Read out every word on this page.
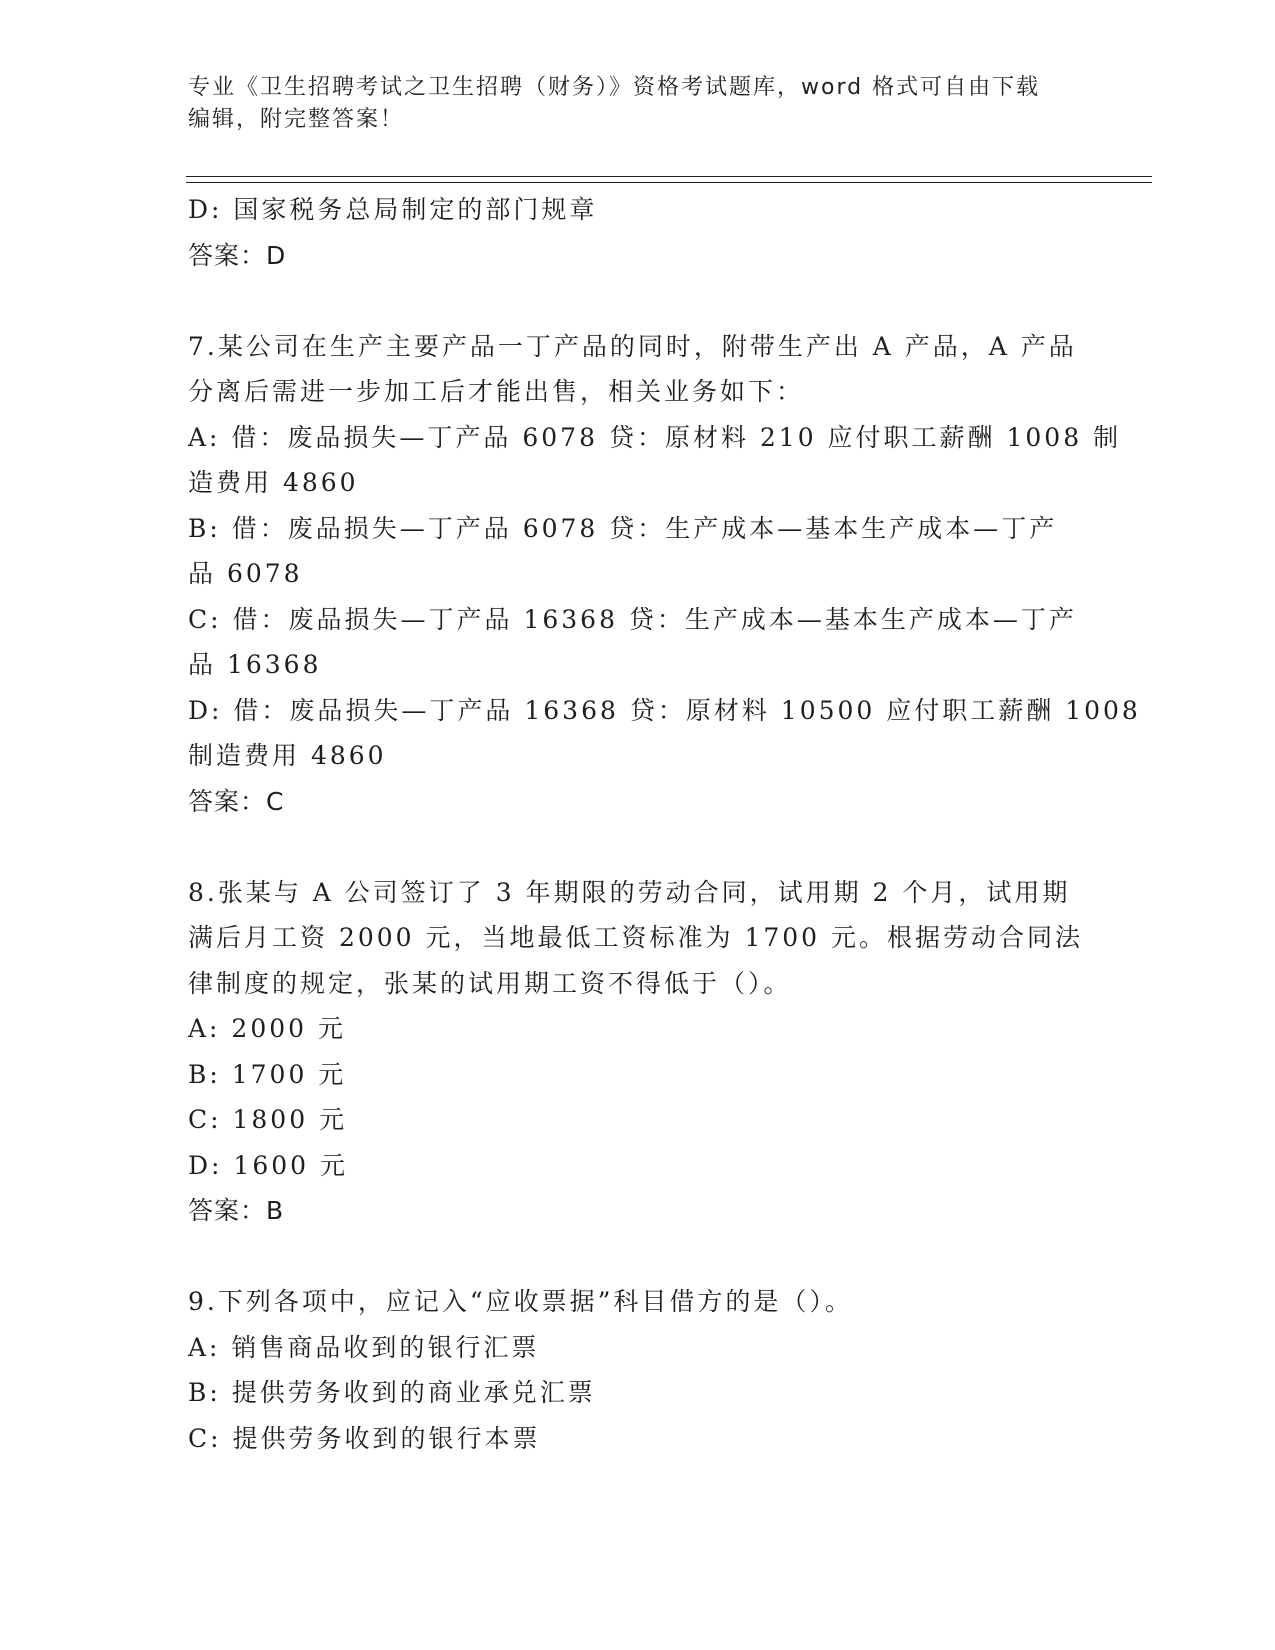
专业《卫生招聘考试之卫生招聘（财务）》资格考试题库，word 格式可自由下载
编辑，附完整答案！

D: 国家税务总局制定的部门规章

答案：D

7.某公司在生产主要产品一丁产品的同时，附带生产出 A 产品，A 产品

分离后需进一步加工后才能出售，相关业务如下：

A: 借：废品损失—丁产品 6078 贷：原材料 210 应付职工薪酬 1008 制

造费用 4860

B: 借：废品损失—丁产品 6078 贷：生产成本—基本生产成本—丁产

品 6078

C: 借：废品损失—丁产品 16368 贷：生产成本—基本生产成本—丁产

品 16368

D: 借：废品损失—丁产品 16368 贷：原材料 10500 应付职工薪酬 1008

制造费用 4860

答案：C

8.张某与 A 公司签订了 3 年期限的劳动合同，试用期 2 个月，试用期

满后月工资 2000 元，当地最低工资标准为 1700 元。根据劳动合同法

律制度的规定，张某的试用期工资不得低于（）。

A: 2000 元

B: 1700 元

C: 1800 元

D: 1600 元

答案：B

9.下列各项中，应记入“应收票据”科目借方的是（）。

A: 销售商品收到的银行汇票

B: 提供劳务收到的商业承兑汇票

C: 提供劳务收到的银行本票
